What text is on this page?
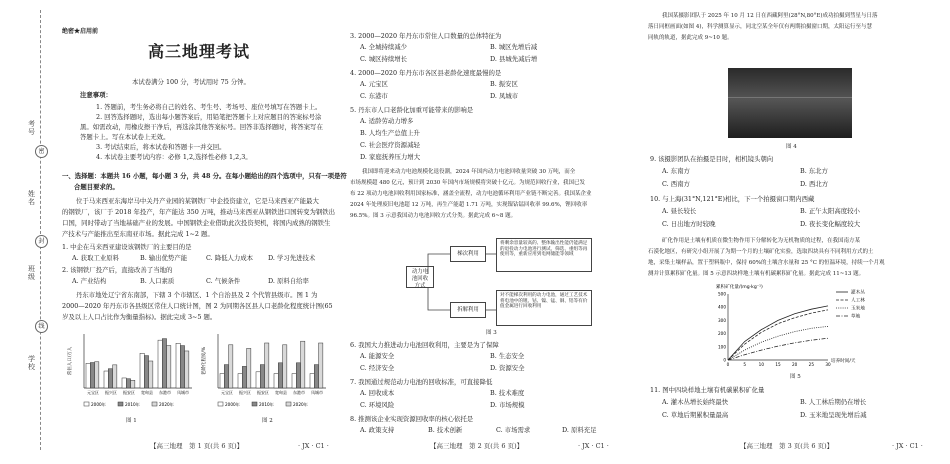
考号
姓名
班级
学校
密
封
线
绝密★启用前
高三地理考试
本试卷满分 100 分，考试用时 75 分钟。
注意事项：
1. 答题前，考生务必将自己的姓名、考生号、考场号、座位号填写在答题卡上。
2. 回答选择题时，选出每小题答案后，用铅笔把答题卡上对应题目的答案标号涂
黑。如需改动，用橡皮擦干净后，再选涂其他答案标号。回答非选择题时，将答案写在
答题卡上。写在本试卷上无效。
3. 考试结束后，将本试卷和答题卡一并交回。
4. 本试卷主要考试内容：必修 1,2,选择性必修 1,2,3。
一、选择题：本题共 16 小题，每小题 3 分，共 48 分。在每小题给出的四个选项中，只有一项是符
合题目要求的。
位于马来西亚东海岸马中关丹产业园的某钢铁厂中企投资建立，它是马来西亚产能最大
的钢铁厂，该厂于 2018 年投产，年产能达 350 万吨，推动马来西亚从钢铁进口国转变为钢铁出
口国，同时带动了当地基础产业的发展。中国钢铁企业借助此次投资契机，将国内成熟的钢铁生
产技术与产能推出至东南亚市场。据此完成 1~2 题。
1. 中企在马来西亚建设该钢铁厂的主要目的是
A. 获取工业原料	B. 输出优势产能	C. 降低人力成本 D. 学习先进技术
2. 该钢铁厂投产后，直接改善了当地的
A. 产业结构	B. 人口素质	C. 气候条件	D. 原料自给率
丹东市地处辽宁省东南部，下辖 3 个市辖区、1 个自治县及 2 个代管县级市。图 1 为
2000—2020 年丹东市各县级区常住人口统计图，图 2 为同期各区县人口老龄化程度统计图(65
岁及以上人口占比作为衡量指标)。据此完成 3~5 题。
常住人口/万人
元宝区 振兴区 振安区 宽甸县 东港市 凤城市
2000年	2010年	2020年
老龄化程度/%
元宝区 振兴区 振安区 宽甸县 东港市 凤城市
2000年	2010年	2020年
图 1	图 2
【高三地理　第 1 页(共 6 页)】	· JX · C1 ·
3. 2000—2020 年丹东市常住人口数量的总体特征为
A. 全城持续减少	B. 城区先增后减
C. 城区持续增长	D. 县城先减后增
4. 2000—2020 年丹东市各区县老龄化速度最慢的是
A. 元宝区	B. 振安区
C. 东港市	D. 凤城市
5. 丹东市人口老龄化加重可能带来的影响是
A. 适龄劳动力增多
B. 人均生产总值上升
C. 社会医疗资源减轻
D. 家庭抚养压力增大
我国即将迎来动力电池规模化退役潮，2024 年国内动力电池回收量突破 30 万吨，而全
市场规模超 480 亿元，预计到 2030 年国内市场规模将突破十亿元。为规范回收行业，我国已发
布 22 项动力电池回收利用国家标准，涵盖全流程，动力电池循环利用产业链不断完善。我国某企业
2024 年处理废旧电池超 12 万吨，再生产能超 1.71 万吨，实现镍钴锰回收率 99.6%，锂回收率
96.5%。图 3 示意我国动力电池回收方式分类。据此完成 6~8 题。
动力电池回收方式
梯次利用
将剩余容量较高的、整体输出性能仍能满足的退役动力电池进行测试、筛选、重组等再使用等，重新应用到电网储能等领域
拆解利用
对不能梯次利用的动力电池，通过工艺技术将电池中的锂、钴、镍、锰、铜、铝等有价值金属进行回收利用
图 3
6. 我国大力推进动力电池回收利用，主要是为了保障
A. 能源安全	B. 生态安全
C. 经济安全	D. 资源安全
7. 我国通过规范动力电池的回收标准，可直接降低
A. 回收成本	B. 技术难度
C. 环境风险	D. 市场规模
8. 推测该企业实现资源回收率的核心依托是
A. 政策支持	B. 技术创新	C. 市场需求	D. 原料充足
【高三地理　第 2 页(共 6 页)】	· JX · C1 ·
我国某摄影团队于 2025 年 10 月 12 日在西藏阿里(28°N,80°E)成功拍摄到彗星与日落
落日同框画面(如图 4)，科学测算显示，同北空某全年仅有两期拍摄窗口期，太阳运行至与慧
同轨的轨道，据此完成 9~10 题。
图 4
9. 该摄影团队在拍摄是目时，相机镜头朝向
A. 东南方	B. 东北方
C. 西南方	D. 西北方
10. 与上海(31°N,121°E)相比，下一个拍摄窗口期内西藏
A. 昼长较长	B. 正午太阳高度较小
C. 日出地方时较晚	D. 夜长变化幅度较大
矿化作用是土壤有机质在微生物作用下分解转化为无机物质的过程，在我国南方某
石漠化地区，有研究小组开展了为期一个月的土壤矿化实验，选取四块具有不同利用方式的土
地，采集土壤样品，置于塑料瓶中，保持 60%的土壤含水量和 25 °C 的恒温环境，持续一个月观
测并计算累积矿化量。图 5 示意四块样地土壤有机碳累积矿化量。据此完成 11~13 题。
累积矿化量/(mg·kg⁻¹)
培养时间/天
0	5	10	15	20	25	30
0
100
200
300
400
500	灌木丛
人工林
玉米地
草地
图 5
11. 图中四块样地土壤有机碳累积矿化量
A. 灌木丛增长始终最快	B. 人工林后期仍在增长
C. 草地后期累积量最高	D. 玉米地呈现先增后减
【高三地理　第 3 页(共 6 页)】	· JX · C1 ·
